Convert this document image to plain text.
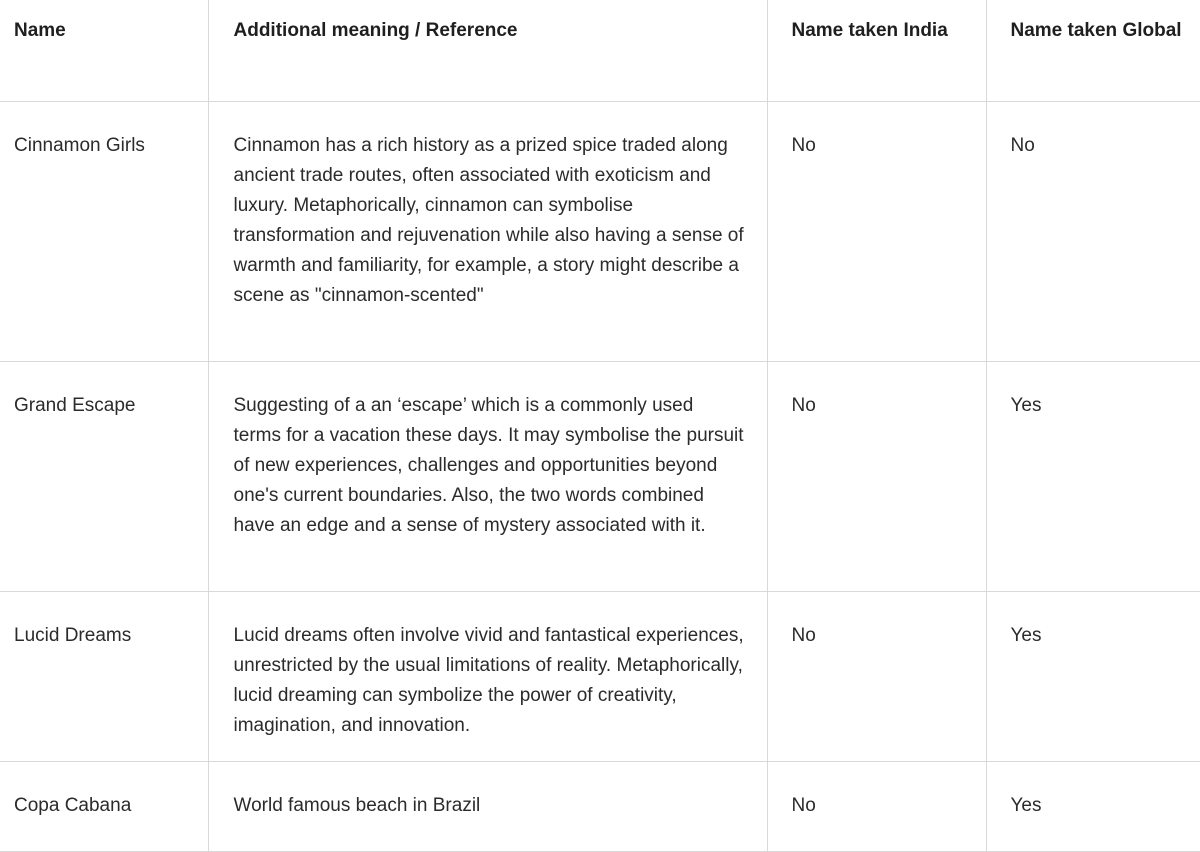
Name	Additional meaning / Reference	Name taken India	Name taken Global
Cinnamon Girls	Cinnamon has a rich history as a prized spice traded along ancient trade routes, often associated with exoticism and luxury. Metaphorically, cinnamon can symbolise transformation and rejuvenation while also having a sense of warmth and familiarity, for example, a story might describe a scene as "cinnamon-scented"	No	No
Grand Escape	Suggesting of a an ‘escape’ which is a commonly used terms for a vacation these days. It may symbolise the pursuit of new experiences, challenges and opportunities beyond one's current boundaries. Also, the two words combined have an edge and a sense of mystery associated with it.	No	Yes
Lucid Dreams	Lucid dreams often involve vivid and fantastical experiences, unrestricted by the usual limitations of reality. Metaphorically, lucid dreaming can symbolize the power of creativity, imagination, and innovation.	No	Yes
Copa Cabana	World famous beach in Brazil	No	Yes
